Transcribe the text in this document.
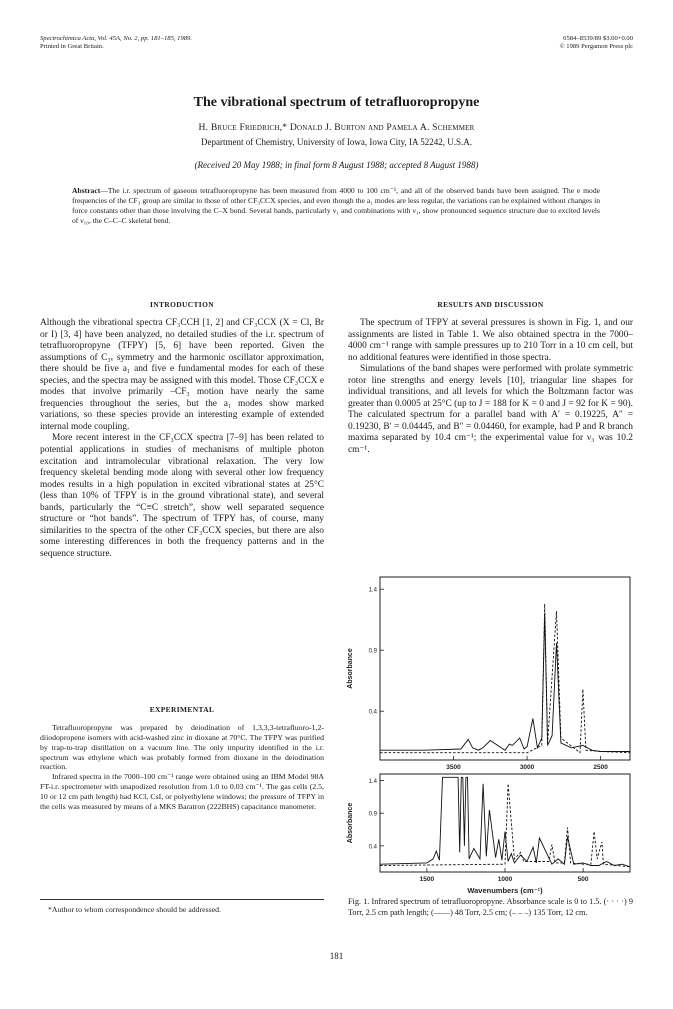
Spectrochimica Acta, Vol. 45A, No. 2, pp. 181–185, 1989.
Printed in Great Britain.
0584–8539/89 $3.00+0.00
© 1989 Pergamon Press plc
The vibrational spectrum of tetrafluoropropyne
H. Bruce Friedrich,* Donald J. Burton and Pamela A. Schemmer
Department of Chemistry, University of Iowa, Iowa City, IA 52242, U.S.A.
(Received 20 May 1988; in final form 8 August 1988; accepted 8 August 1988)
Abstract—The i.r. spectrum of gaseous tetrafluoropropyne has been measured from 4000 to 100 cm⁻¹, and all of the observed bands have been assigned. The e mode frequencies of the CF₃ group are similar to those of other CF₃CCX species, and even though the a₁ modes are less regular, the variations can be explained without changes in force constants other than those involving the C–X bond. Several bands, particularly ν₁ and combinations with ν₁, show pronounced sequence structure due to excited levels of ν₁₀, the C–C–C skeletal bend.
INTRODUCTION

Although the vibrational spectra CF₃CCH [1, 2] and CF₃CCX (X = Cl, Br or I) [3, 4] have been analyzed, no detailed studies of the i.r. spectrum of tetrafluoropropyne (TFPY) [5, 6] have been reported. Given the assumptions of C₃ᵥ symmetry and the harmonic oscillator approximation, there should be five a₁ and five e fundamental modes for each of these species, and the spectra may be assigned with this model. Those CF₃CCX e modes that involve primarily –CF₃ motion have nearly the same frequencies throughout the series, but the a₁ modes show marked variations, so these species provide an interesting example of extended internal mode coupling.

More recent interest in the CF₃CCX spectra [7–9] has been related to potential applications in studies of mechanisms of multiple photon excitation and intramolecular vibrational relaxation. The very low frequency skeletal bending mode along with several other low frequency modes results in a high population in excited vibrational states at 25°C (less than 10% of TFPY is in the ground vibrational state), and several bands, particularly the “C≡C stretch”, show well separated sequence structure or “hot bands”. The spectrum of TFPY has, of course, many similarities to the spectra of the other CF₃CCX species, but there are also some interesting differences in both the frequency patterns and in the sequence structure.

EXPERIMENTAL

Tetrafluoropropyne was prepared by deiodination of 1,3,3,3-tetrafluoro-1,2-diiodopropene isomers with acid-washed zinc in dioxane at 70°C. The TFPY was purified by trap-to-trap distillation on a vacuum line. The only impurity identified in the i.r. spectrum was ethylene which was probably formed from dioxane in the deiodination reaction.

Infrared spectra in the 7000–100 cm⁻¹ range were obtained using an IBM Model 98A FT-i.r. spectrometer with unapodized resolution from 1.0 to 0.03 cm⁻¹. The gas cells (2.5, 10 or 12 cm path length) had KCl, CsI, or polyethylene windows; the pressure of TFPY in the cells was measured by means of a MKS Baratron (222BHS) capacitance manometer.

*Author to whom correspondence should be addressed.
RESULTS AND DISCUSSION

The spectrum of TFPY at several pressures is shown in Fig. 1, and our assignments are listed in Table 1. We also obtained spectra in the 7000–4000 cm⁻¹ range with sample pressures up to 210 Torr in a 10 cm cell, but no additional features were identified in those spectra.

Simulations of the band shapes were performed with prolate symmetric rotor line strengths and energy levels [10], triangular line shapes for individual transitions, and all levels for which the Boltzmann factor was greater than 0.0005 at 25°C (up to J = 188 for K = 0 and J = 92 for K = 90). The calculated spectrum for a parallel band with A′ = 0.19225, A″ = 0.19230, B′ = 0.04445, and B″ = 0.04460, for example, had P and R branch maxima separated by 10.4 cm⁻¹; the experimental value for ν₃ was 10.2 cm⁻¹.

1.4
0.9
0.4
3500	3000	2500
Absorbance
1.4
0.9
0.4
1500	1000	500
Absorbance
Wavenumbers (cm⁻¹)
Fig. 1. Infrared spectrum of tetrafluoropropyne. Absorbance scale is 0 to 1.5. (· · · ·) 9 Torr, 2.5 cm path length; (——) 48 Torr, 2.5 cm; (– – –) 135 Torr, 12 cm.
181
